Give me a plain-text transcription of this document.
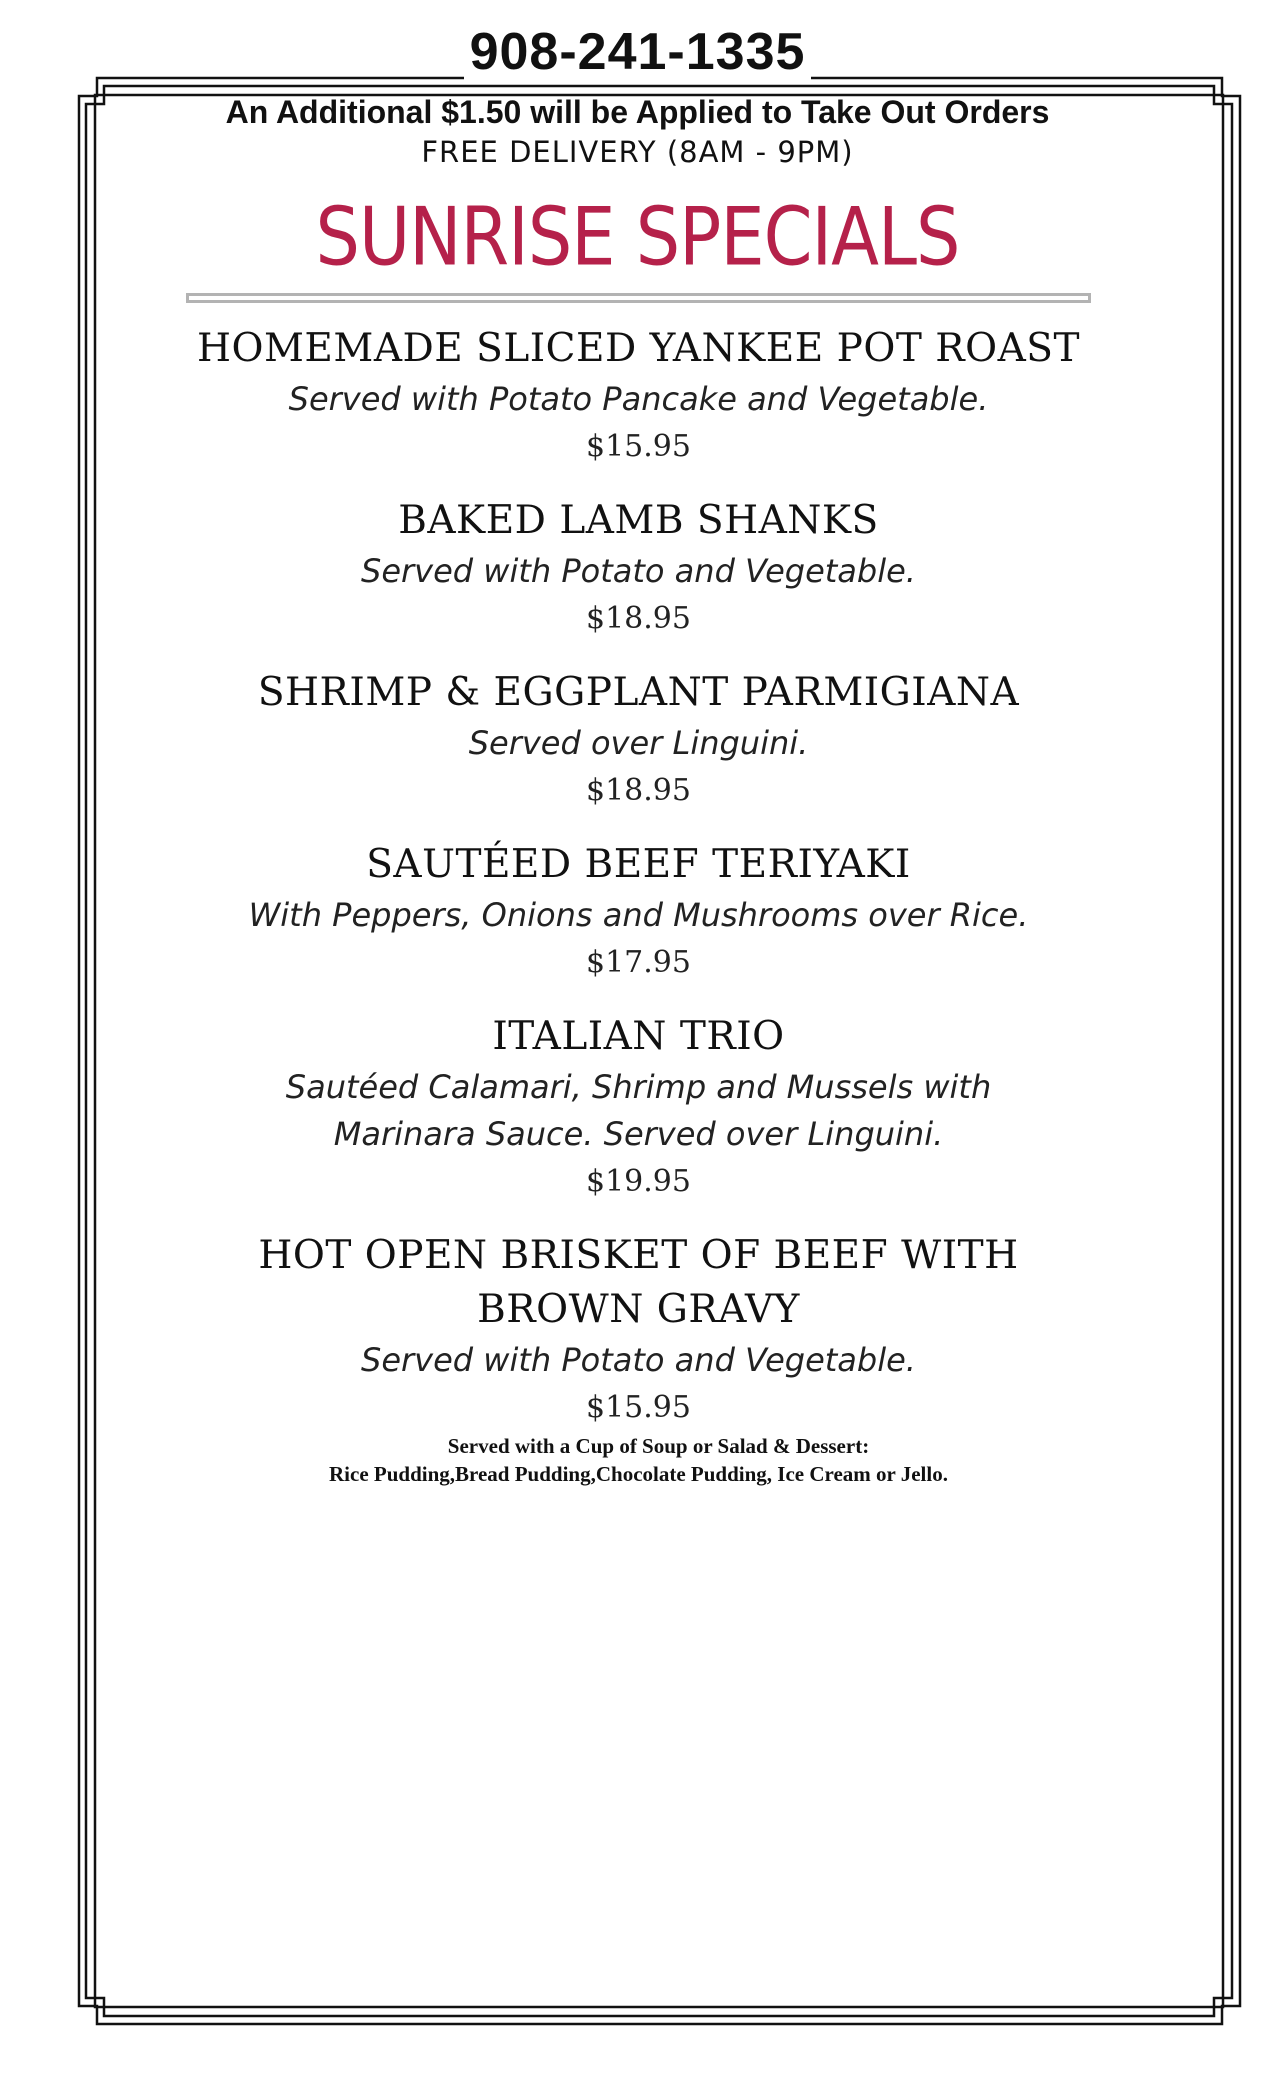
908-241-1335
An Additional $1.50 will be Applied to Take Out Orders
FREE DELIVERY (8AM - 9PM)
SUNRISE SPECIALS
HOMEMADE SLICED YANKEE POT ROAST
Served with Potato Pancake and Vegetable.
$15.95
BAKED LAMB SHANKS
Served with Potato and Vegetable.
$18.95
SHRIMP & EGGPLANT PARMIGIANA
Served over Linguini.
$18.95
SAUTÉED BEEF TERIYAKI
With Peppers, Onions and Mushrooms over Rice.
$17.95
ITALIAN TRIO
Sautéed Calamari, Shrimp and Mussels with
Marinara Sauce. Served over Linguini.
$19.95
HOT OPEN BRISKET OF BEEF WITH BROWN GRAVY
Served with Potato and Vegetable.
$15.95
Served with a Cup of Soup or Salad & Dessert:
Rice Pudding,Bread Pudding,Chocolate Pudding, Ice Cream or Jello.
